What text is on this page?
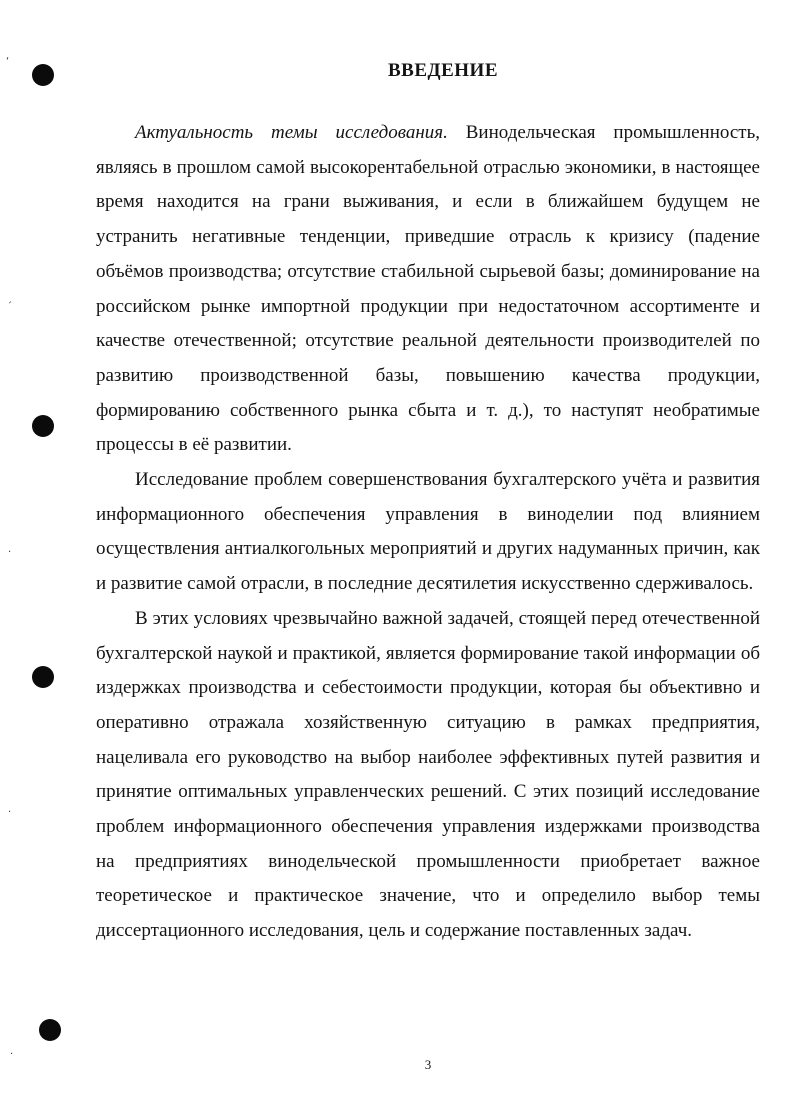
‘
׳
·
·
·
ВВЕДЕНИЕ

Актуальность темы исследования. Винодельческая промышленность, являясь в прошлом самой высокорентабельной отраслью экономики, в настоящее время находится на грани выживания, и если в ближайшем будущем не устранить негативные тенденции, приведшие отрасль к кризису (падение объёмов производства; отсутствие стабильной сырьевой базы; доминирование на российском рынке импортной продукции при недостаточном ассортименте и качестве отечественной; отсутствие реальной деятельности производителей по развитию производственной базы, повышению качества продукции, формированию собственного рынка сбыта и т. д.), то наступят необратимые процессы в её развитии.

Исследование проблем совершенствования бухгалтерского учёта и развития информационного обеспечения управления в виноделии под влиянием осуществления антиалкогольных мероприятий и других надуманных причин, как и развитие самой отрасли, в последние десятилетия искусственно сдерживалось.

В этих условиях чрезвычайно важной задачей, стоящей перед отечественной бухгалтерской наукой и практикой, является формирование такой информации об издержках производства и себестоимости продукции, которая бы объективно и оперативно отражала хозяйственную ситуацию в рамках предприятия, нацеливала его руководство на выбор наиболее эффективных путей развития и принятие оптимальных управленческих решений. С этих позиций исследование проблем информационного обеспечения управления издержками производства на предприятиях винодельческой промышленности приобретает важное теоретическое и практическое значение, что и определило выбор темы диссертационного исследования, цель и содержание поставленных задач.

3
